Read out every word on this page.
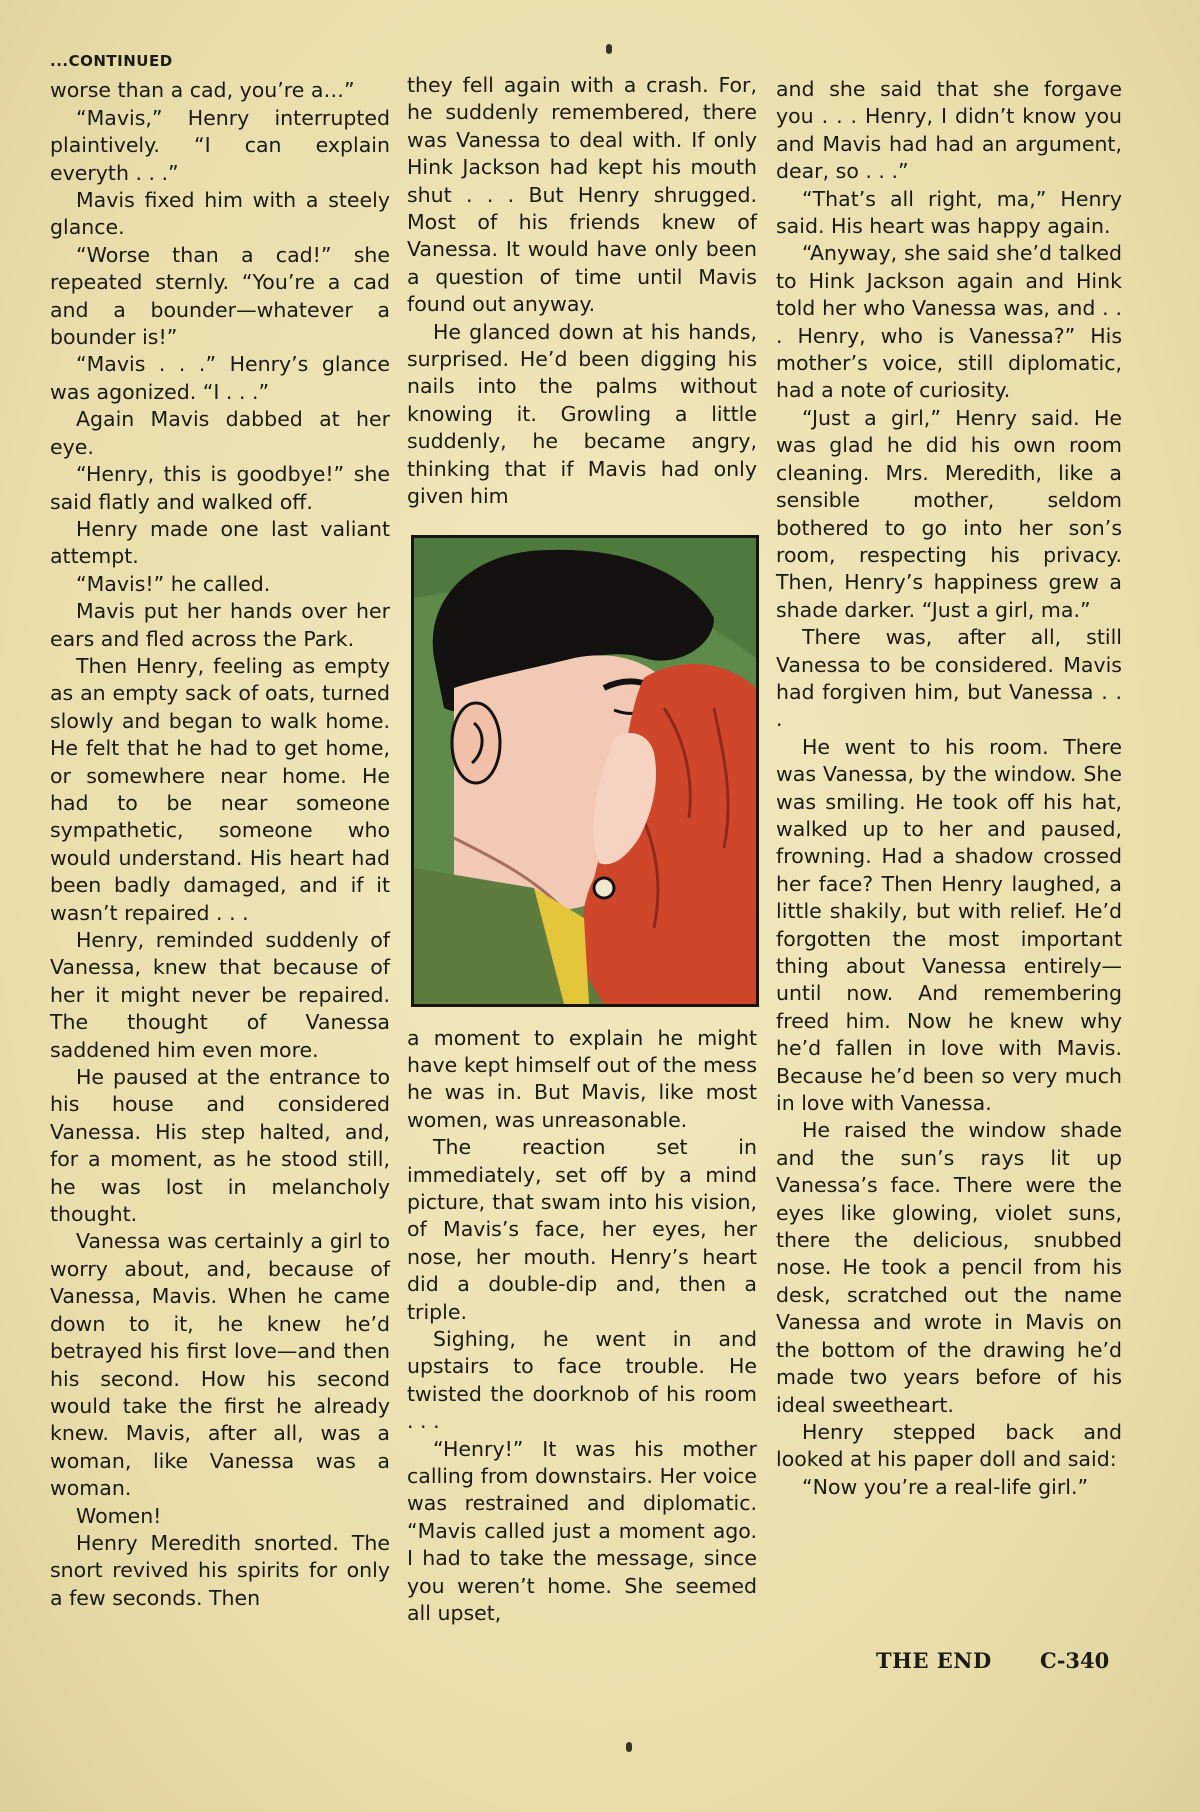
...CONTINUED

worse than a cad, you’re a…”

“Mavis,” Henry interrupted plaintively. “I can explain everyth . . .”

Mavis fixed him with a steely glance.

“Worse than a cad!” she repeated sternly. “You’re a cad and a bounder—whatever a bounder is!”

“Mavis . . .” Henry’s glance was agonized. “I . . .”

Again Mavis dabbed at her eye.

“Henry, this is goodbye!” she said flatly and walked off.

Henry made one last valiant attempt.

“Mavis!” he called.

Mavis put her hands over her ears and fled across the Park.

Then Henry, feeling as empty as an empty sack of oats, turned slowly and began to walk home. He felt that he had to get home, or somewhere near home. He had to be near someone sympathetic, someone who would understand. His heart had been badly damaged, and if it wasn’t repaired . . .

Henry, reminded suddenly of Vanessa, knew that because of her it might never be repaired. The thought of Vanessa saddened him even more.

He paused at the entrance to his house and considered Vanessa. His step halted, and, for a moment, as he stood still, he was lost in melancholy thought.

Vanessa was certainly a girl to worry about, and, because of Vanessa, Mavis. When he came down to it, he knew he’d betrayed his first love—and then his second. How his second would take the first he already knew. Mavis, after all, was a woman, like Vanessa was a woman.

Women!

Henry Meredith snorted. The snort revived his spirits for only a few seconds. Then

they fell again with a crash. For, he suddenly remembered, there was Vanessa to deal with. If only Hink Jackson had kept his mouth shut . . . But Henry shrugged. Most of his friends knew of Vanessa. It would have only been a question of time until Mavis found out anyway.

He glanced down at his hands, surprised. He’d been digging his nails into the palms without knowing it. Growling a little suddenly, he became angry, thinking that if Mavis had only given him

a moment to explain he might have kept himself out of the mess he was in. But Mavis, like most women, was unreasonable.

The reaction set in immediately, set off by a mind picture, that swam into his vision, of Mavis’s face, her eyes, her nose, her mouth. Henry’s heart did a double-dip and, then a triple.

Sighing, he went in and upstairs to face trouble. He twisted the doorknob of his room . . .

“Henry!” It was his mother calling from downstairs. Her voice was restrained and diplomatic. “Mavis called just a moment ago. I had to take the message, since you weren’t home. She seemed all upset,

and she said that she forgave you . . . Henry, I didn’t know you and Mavis had had an argument, dear, so . . .”

“That’s all right, ma,” Henry said. His heart was happy again.

“Anyway, she said she’d talked to Hink Jackson again and Hink told her who Vanessa was, and . . . Henry, who is Vanessa?” His mother’s voice, still diplomatic, had a note of curiosity.

“Just a girl,” Henry said. He was glad he did his own room cleaning. Mrs. Meredith, like a sensible mother, seldom bothered to go into her son’s room, respecting his privacy. Then, Henry’s happiness grew a shade darker. “Just a girl, ma.”

There was, after all, still Vanessa to be considered. Mavis had forgiven him, but Vanessa . . .

He went to his room. There was Vanessa, by the window. She was smiling. He took off his hat, walked up to her and paused, frowning. Had a shadow crossed her face? Then Henry laughed, a little shakily, but with relief. He’d forgotten the most important thing about Vanessa entirely—until now. And remembering freed him. Now he knew why he’d fallen in love with Mavis. Because he’d been so very much in love with Vanessa.

He raised the window shade and the sun’s rays lit up Vanessa’s face. There were the eyes like glowing, violet suns, there the delicious, snubbed nose. He took a pencil from his desk, scratched out the name Vanessa and wrote in Mavis on the bottom of the drawing he’d made two years before of his ideal sweetheart.

Henry stepped back and looked at his paper doll and said:

“Now you’re a real-life girl.”

THE END C-340
